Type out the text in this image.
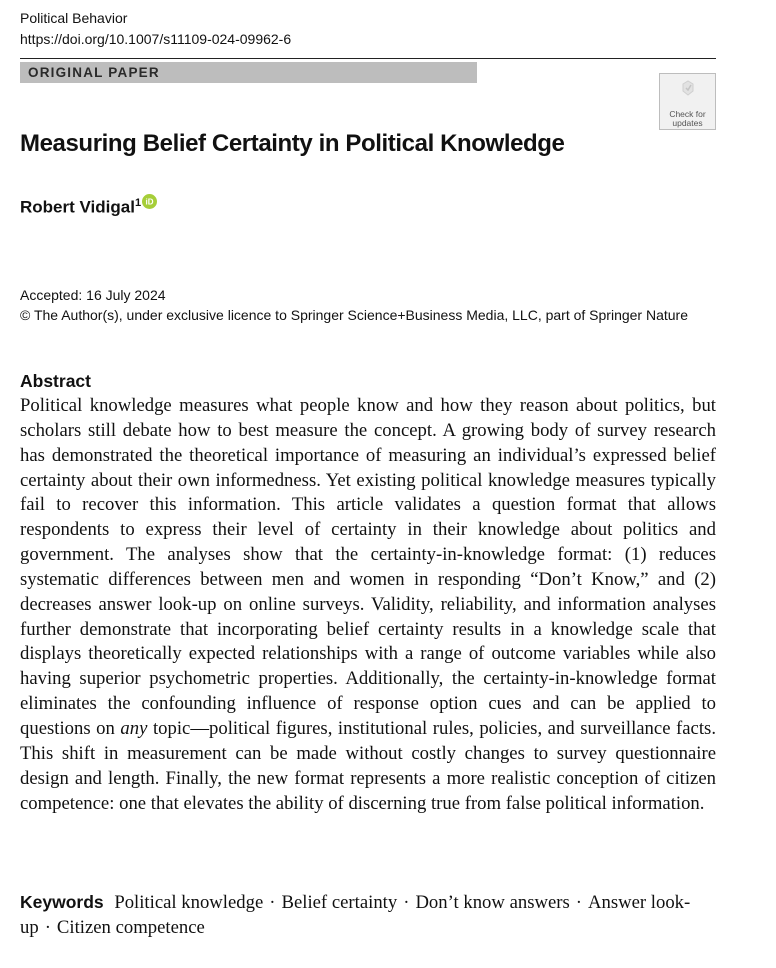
Political Behavior
https://doi.org/10.1007/s11109-024-09962-6
ORIGINAL PAPER
Check for
updates
Measuring Belief Certainty in Political Knowledge
Robert Vidigal$^1$ iD
Accepted: 16 July 2024
© The Author(s), under exclusive licence to Springer Science+Business Media, LLC, part of Springer Nature
Abstract

Political knowledge measures what people know and how they reason about politics, but scholars still debate how to best measure the concept. A growing body of survey research has demonstrated the theoretical importance of measuring an individual’s expressed belief certainty about their own informedness. Yet existing political knowledge measures typically fail to recover this information. This article validates a question format that allows respondents to express their level of certainty in their knowledge about politics and government. The analyses show that the certainty-in-knowledge format: (1) reduces systematic differences between men and women in responding “Don’t Know,” and (2) decreases answer look-up on online surveys. Validity, reliability, and information analyses further demonstrate that incorporating belief certainty results in a knowledge scale that displays theoretically expected relationships with a range of outcome variables while also having superior psychometric properties. Additionally, the certainty-in-knowledge format eliminates the confounding influence of response option cues and can be applied to questions on any topic—political figures, institutional rules, policies, and surveillance facts. This shift in measurement can be made without costly changes to survey questionnaire design and length. Finally, the new format represents a more realistic conception of citizen competence: one that elevates the ability of discerning true from false political information.

Keywords Political knowledge · Belief certainty · Don’t know answers · Answer look-up · Citizen competence
